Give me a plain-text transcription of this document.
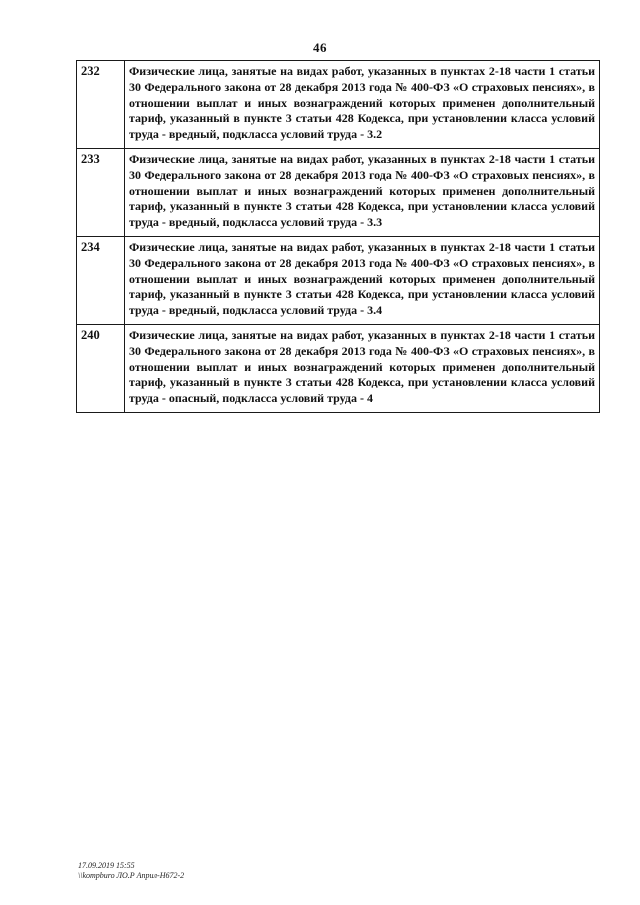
46
232	Физические лица, занятые на видах работ, указанных в пунктах 2-18 части 1 статьи 30 Федерального закона от 28 декабря 2013 года № 400-ФЗ «О страховых пенсиях», в отношении выплат и иных вознаграждений которых применен дополнительный тариф, указанный в пункте 3 статьи 428 Кодекса, при установлении класса условий труда - вредный, подкласса условий труда - 3.2
233	Физические лица, занятые на видах работ, указанных в пунктах 2-18 части 1 статьи 30 Федерального закона от 28 декабря 2013 года № 400-ФЗ «О страховых пенсиях», в отношении выплат и иных вознаграждений которых применен дополнительный тариф, указанный в пункте 3 статьи 428 Кодекса, при установлении класса условий труда - вредный, подкласса условий труда - 3.3
234	Физические лица, занятые на видах работ, указанных в пунктах 2-18 части 1 статьи 30 Федерального закона от 28 декабря 2013 года № 400-ФЗ «О страховых пенсиях», в отношении выплат и иных вознаграждений которых применен дополнительный тариф, указанный в пункте 3 статьи 428 Кодекса, при установлении класса условий труда - вредный, подкласса условий труда - 3.4
240	Физические лица, занятые на видах работ, указанных в пунктах 2-18 части 1 статьи 30 Федерального закона от 28 декабря 2013 года № 400-ФЗ «О страховых пенсиях», в отношении выплат и иных вознаграждений которых применен дополнительный тариф, указанный в пункте 3 статьи 428 Кодекса, при установлении класса условий труда - опасный, подкласса условий труда - 4
17.09.2019 15:55
\\kompburo ЛО.Р Април-Н672-2
